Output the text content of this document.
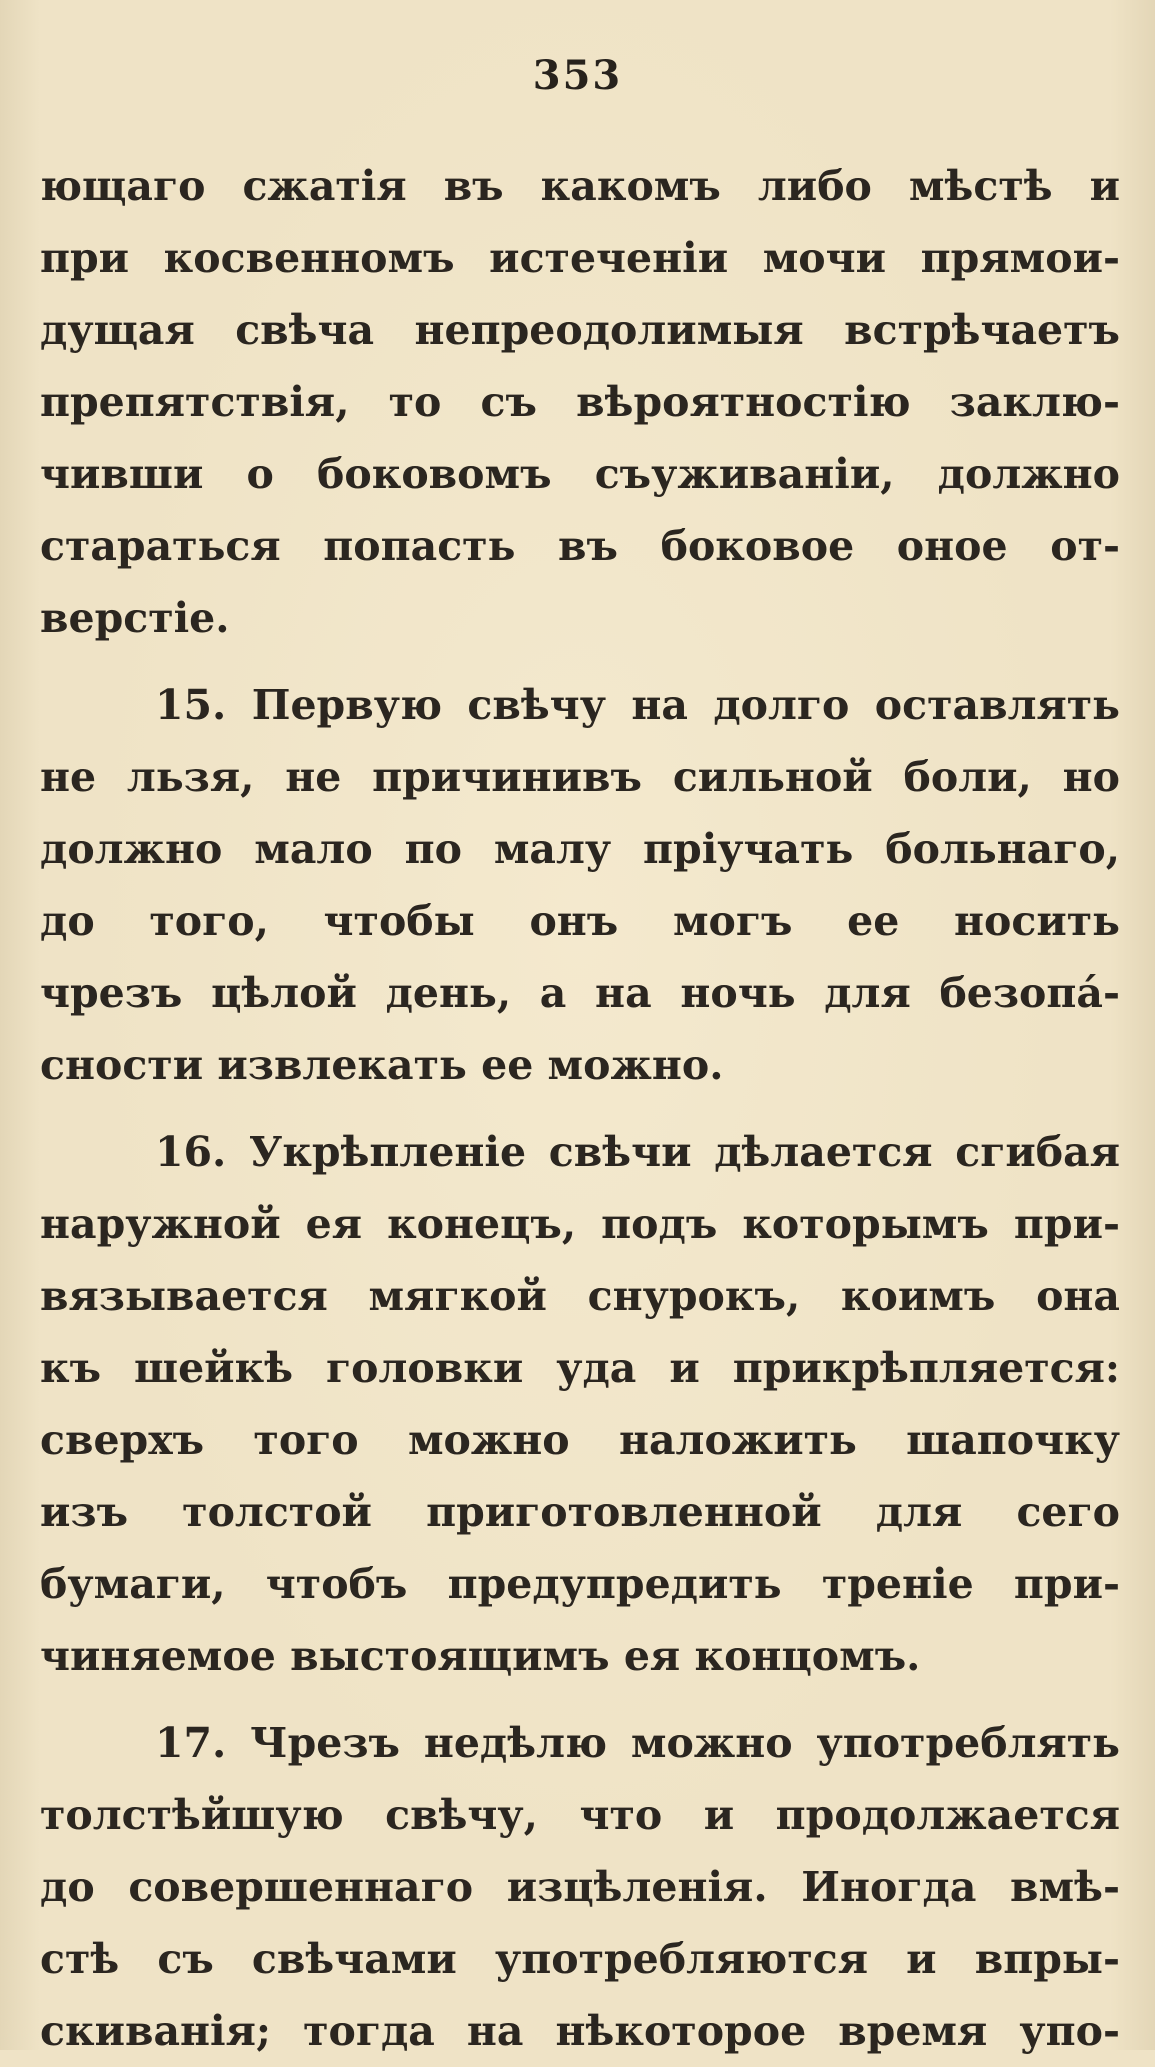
353
ющаго сжатія въ какомъ либо мѣстѣ и
при косвенномъ истеченіи мочи прямои-
дущая свѣча непреодолимыя встрѣчаетъ
препятствія, то съ вѣроятностію заклю-
чивши о боковомъ съуживаніи, должно
стараться попасть въ боковое оное от-
верстіе.
15. Первую свѣчу на долго оставлять
не льзя, не причинивъ сильной боли, но
должно мало по малу пріучать больнаго,
до того, чтобы онъ могъ ее носить
чрезъ цѣлой день, а на ночь для безопа́-
сности извлекать ее можно.
16. Укрѣпленіе свѣчи дѣлается сгибая
наружной ея конецъ, подъ которымъ при-
вязывается мягкой снурокъ, коимъ она
къ шейкѣ головки уда и прикрѣпляется:
сверхъ того можно наложить шапочку
изъ толстой приготовленной для сего
бумаги, чтобъ предупредить треніе при-
чиняемое выстоящимъ ея концомъ.
17. Чрезъ недѣлю можно употреблять
толстѣйшую свѣчу, что и продолжается
до совершеннаго изцѣленія. Иногда вмѣ-
стѣ съ свѣчами употребляются и впры-
скиванія; тогда на нѣкоторое время упо-
